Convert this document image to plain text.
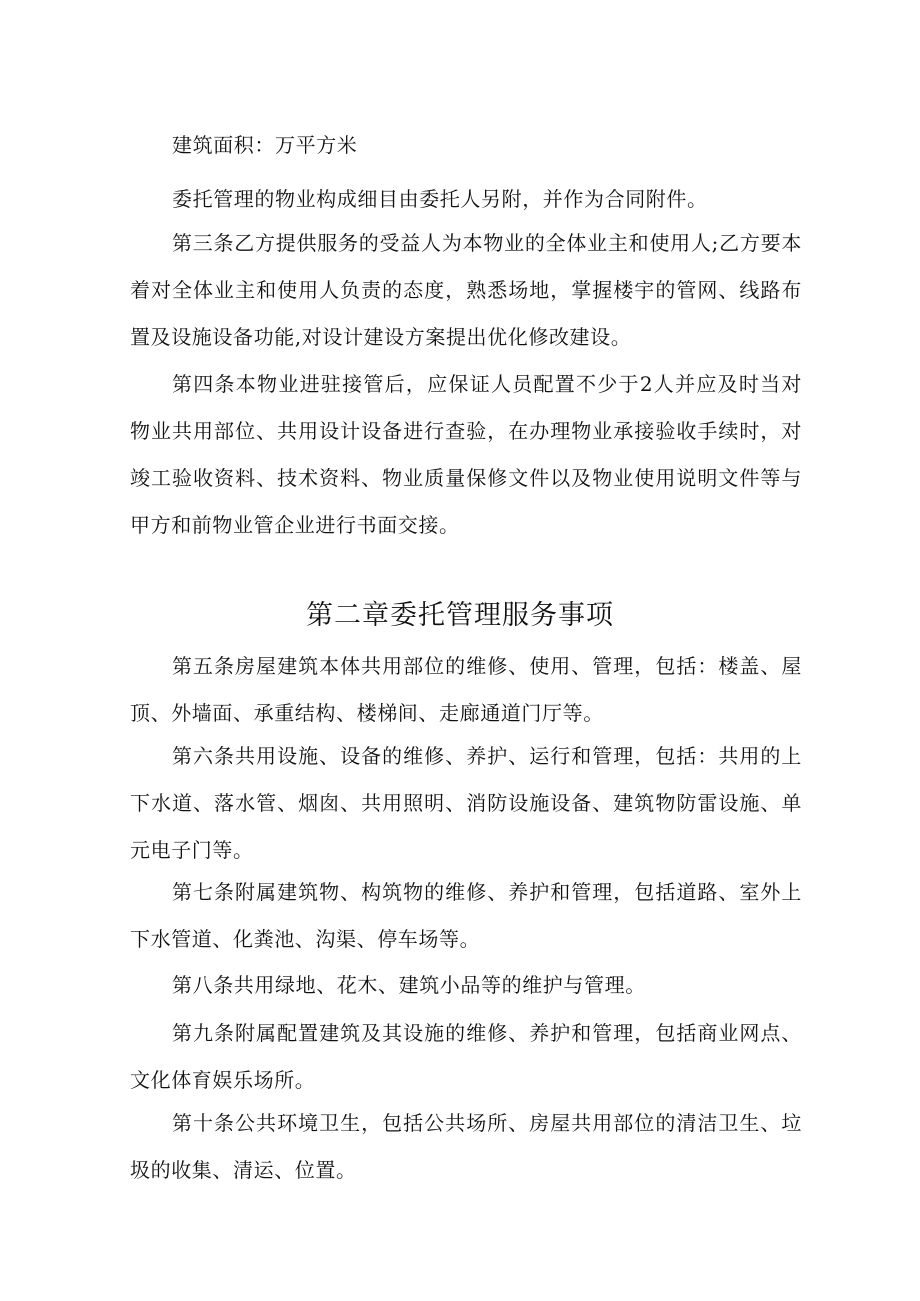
建筑面积：万平方米

委托管理的物业构成细目由委托人另附，并作为合同附件。

第三条乙方提供服务的受益人为本物业的全体业主和使用人;乙方要本着对全体业主和使用人负责的态度，熟悉场地，掌握楼宇的管网、线路布置及设施设备功能,对设计建设方案提出优化修改建设。

第四条本物业进驻接管后，应保证人员配置不少于2人并应及时当对物业共用部位、共用设计设备进行查验，在办理物业承接验收手续时，对竣工验收资料、技术资料、物业质量保修文件以及物业使用说明文件等与甲方和前物业管企业进行书面交接。

第二章委托管理服务事项

第五条房屋建筑本体共用部位的维修、使用、管理，包括：楼盖、屋顶、外墙面、承重结构、楼梯间、走廊通道门厅等。

第六条共用设施、设备的维修、养护、运行和管理，包括：共用的上下水道、落水管、烟囱、共用照明、消防设施设备、建筑物防雷设施、单元电子门等。

第七条附属建筑物、构筑物的维修、养护和管理，包括道路、室外上下水管道、化粪池、沟渠、停车场等。

第八条共用绿地、花木、建筑小品等的维护与管理。

第九条附属配置建筑及其设施的维修、养护和管理，包括商业网点、文化体育娱乐场所。

第十条公共环境卫生，包括公共场所、房屋共用部位的清洁卫生、垃圾的收集、清运、位置。
